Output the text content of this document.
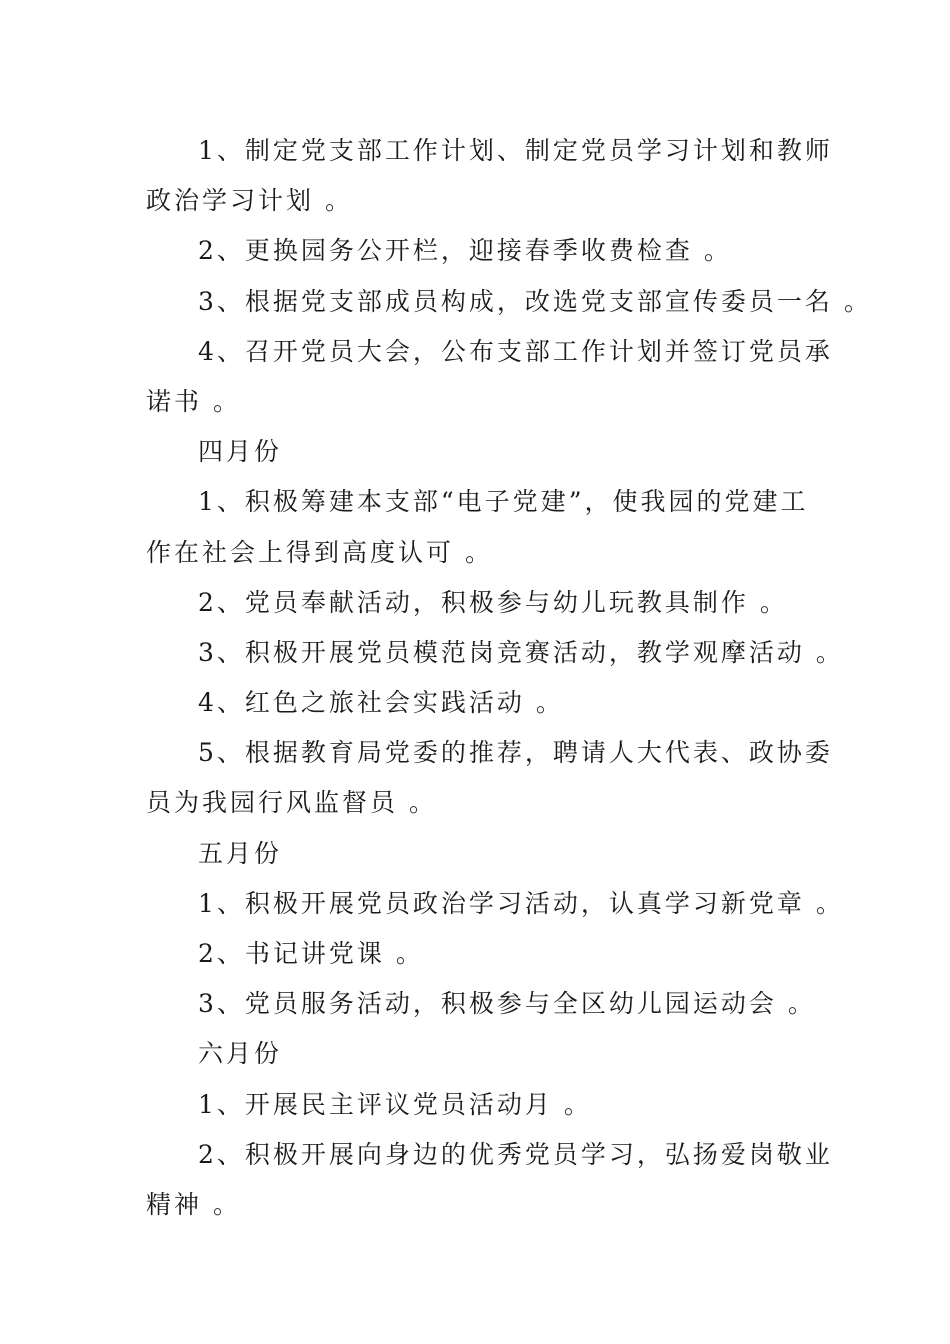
1、制定党支部工作计划、制定党员学习计划和教师
政治学习计划 。
2、更换园务公开栏，迎接春季收费检查 。
3、根据党支部成员构成，改选党支部宣传委员一名 。
4、召开党员大会，公布支部工作计划并签订党员承
诺书 。
四月份
1、积极筹建本支部“电子党建”，使我园的党建工
作在社会上得到高度认可 。
2、党员奉献活动，积极参与幼儿玩教具制作 。
3、积极开展党员模范岗竞赛活动，教学观摩活动 。
4、红色之旅社会实践活动 。
5、根据教育局党委的推荐，聘请人大代表、政协委
员为我园行风监督员 。
五月份
1、积极开展党员政治学习活动，认真学习新党章 。
2、书记讲党课 。
3、党员服务活动，积极参与全区幼儿园运动会 。
六月份
1、开展民主评议党员活动月 。
2、积极开展向身边的优秀党员学习，弘扬爱岗敬业
精神 。
